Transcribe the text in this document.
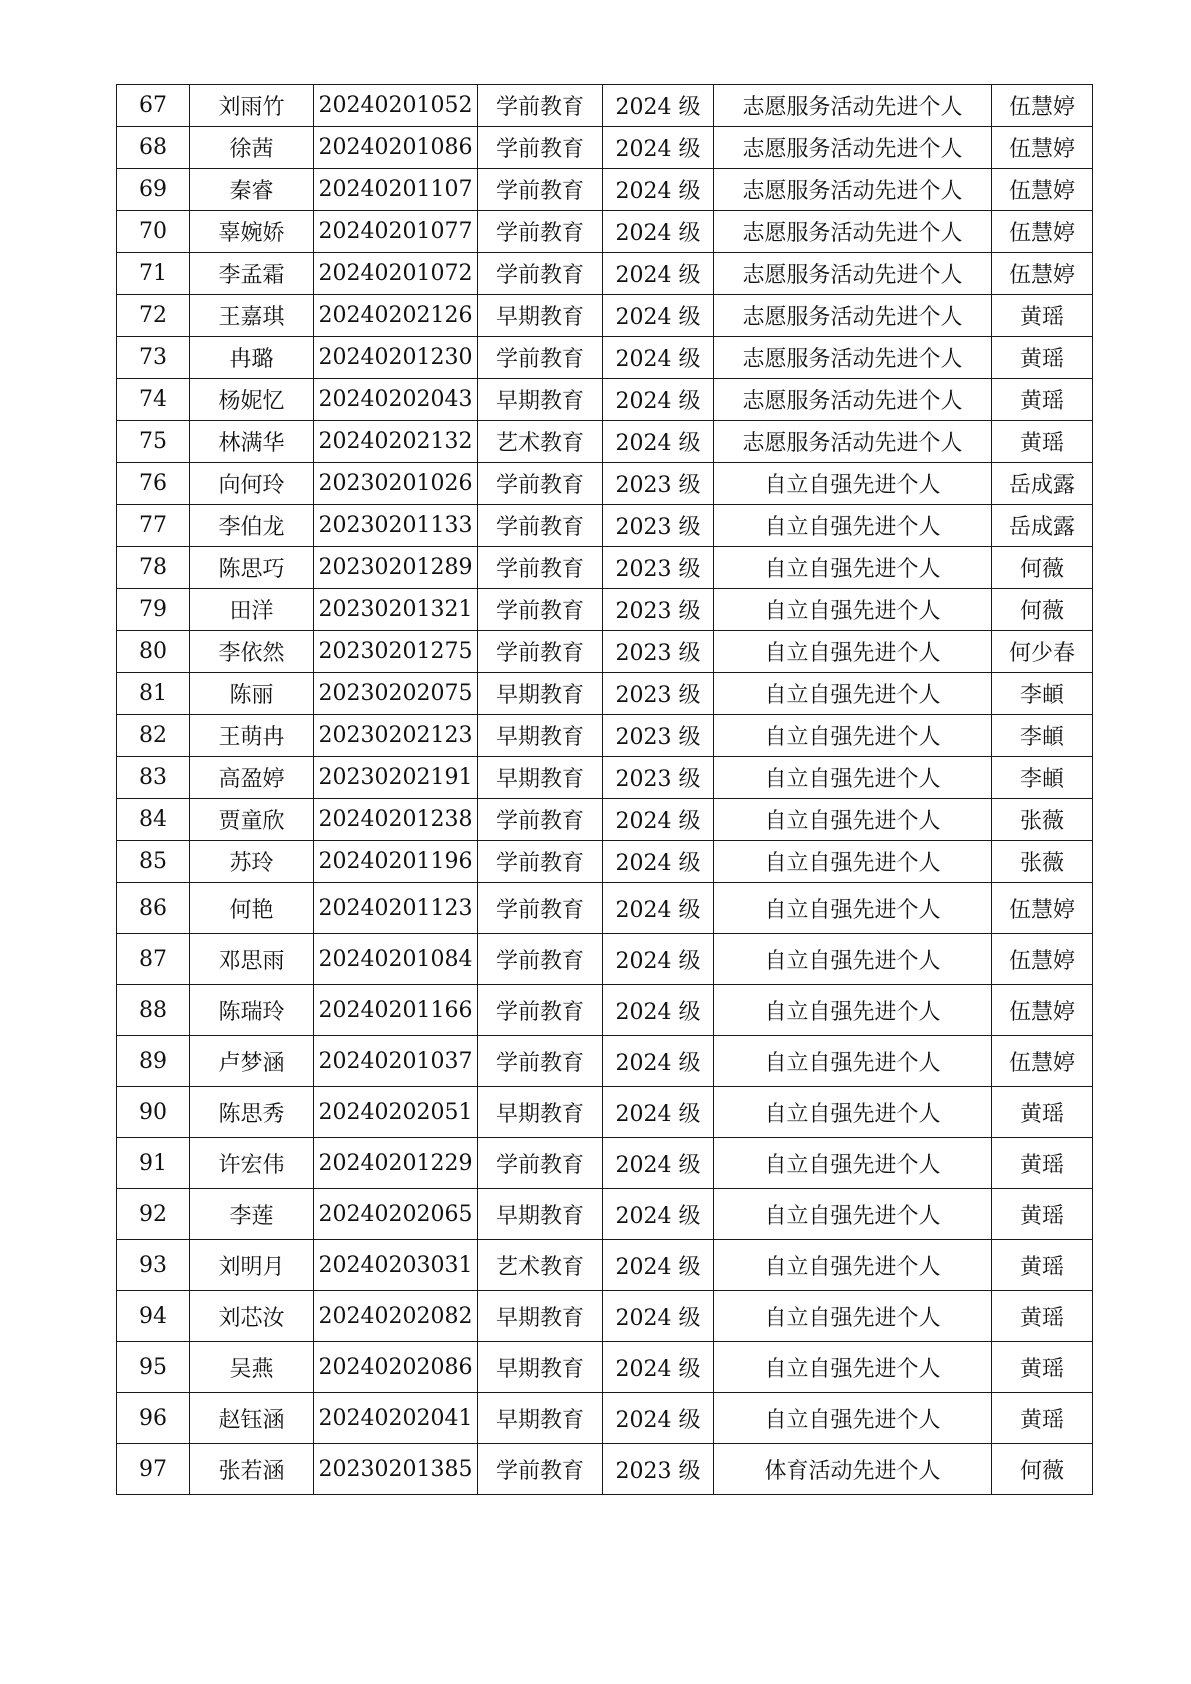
67	刘雨竹	20240201052	学前教育	2024 级	志愿服务活动先进个人	伍慧婷
68	徐茜	20240201086	学前教育	2024 级	志愿服务活动先进个人	伍慧婷
69	秦睿	20240201107	学前教育	2024 级	志愿服务活动先进个人	伍慧婷
70	辜婉娇	20240201077	学前教育	2024 级	志愿服务活动先进个人	伍慧婷
71	李孟霜	20240201072	学前教育	2024 级	志愿服务活动先进个人	伍慧婷
72	王嘉琪	20240202126	早期教育	2024 级	志愿服务活动先进个人	黄瑶
73	冉璐	20240201230	学前教育	2024 级	志愿服务活动先进个人	黄瑶
74	杨妮忆	20240202043	早期教育	2024 级	志愿服务活动先进个人	黄瑶
75	林满华	20240202132	艺术教育	2024 级	志愿服务活动先进个人	黄瑶
76	向何玲	20230201026	学前教育	2023 级	自立自强先进个人	岳成露
77	李伯龙	20230201133	学前教育	2023 级	自立自强先进个人	岳成露
78	陈思巧	20230201289	学前教育	2023 级	自立自强先进个人	何薇
79	田洋	20230201321	学前教育	2023 级	自立自强先进个人	何薇
80	李依然	20230201275	学前教育	2023 级	自立自强先进个人	何少春
81	陈丽	20230202075	早期教育	2023 级	自立自强先进个人	李頔
82	王萌冉	20230202123	早期教育	2023 级	自立自强先进个人	李頔
83	高盈婷	20230202191	早期教育	2023 级	自立自强先进个人	李頔
84	贾童欣	20240201238	学前教育	2024 级	自立自强先进个人	张薇
85	苏玲	20240201196	学前教育	2024 级	自立自强先进个人	张薇
86	何艳	20240201123	学前教育	2024 级	自立自强先进个人	伍慧婷
87	邓思雨	20240201084	学前教育	2024 级	自立自强先进个人	伍慧婷
88	陈瑞玲	20240201166	学前教育	2024 级	自立自强先进个人	伍慧婷
89	卢梦涵	20240201037	学前教育	2024 级	自立自强先进个人	伍慧婷
90	陈思秀	20240202051	早期教育	2024 级	自立自强先进个人	黄瑶
91	许宏伟	20240201229	学前教育	2024 级	自立自强先进个人	黄瑶
92	李莲	20240202065	早期教育	2024 级	自立自强先进个人	黄瑶
93	刘明月	20240203031	艺术教育	2024 级	自立自强先进个人	黄瑶
94	刘芯汝	20240202082	早期教育	2024 级	自立自强先进个人	黄瑶
95	吴燕	20240202086	早期教育	2024 级	自立自强先进个人	黄瑶
96	赵钰涵	20240202041	早期教育	2024 级	自立自强先进个人	黄瑶
97	张若涵	20230201385	学前教育	2023 级	体育活动先进个人	何薇
